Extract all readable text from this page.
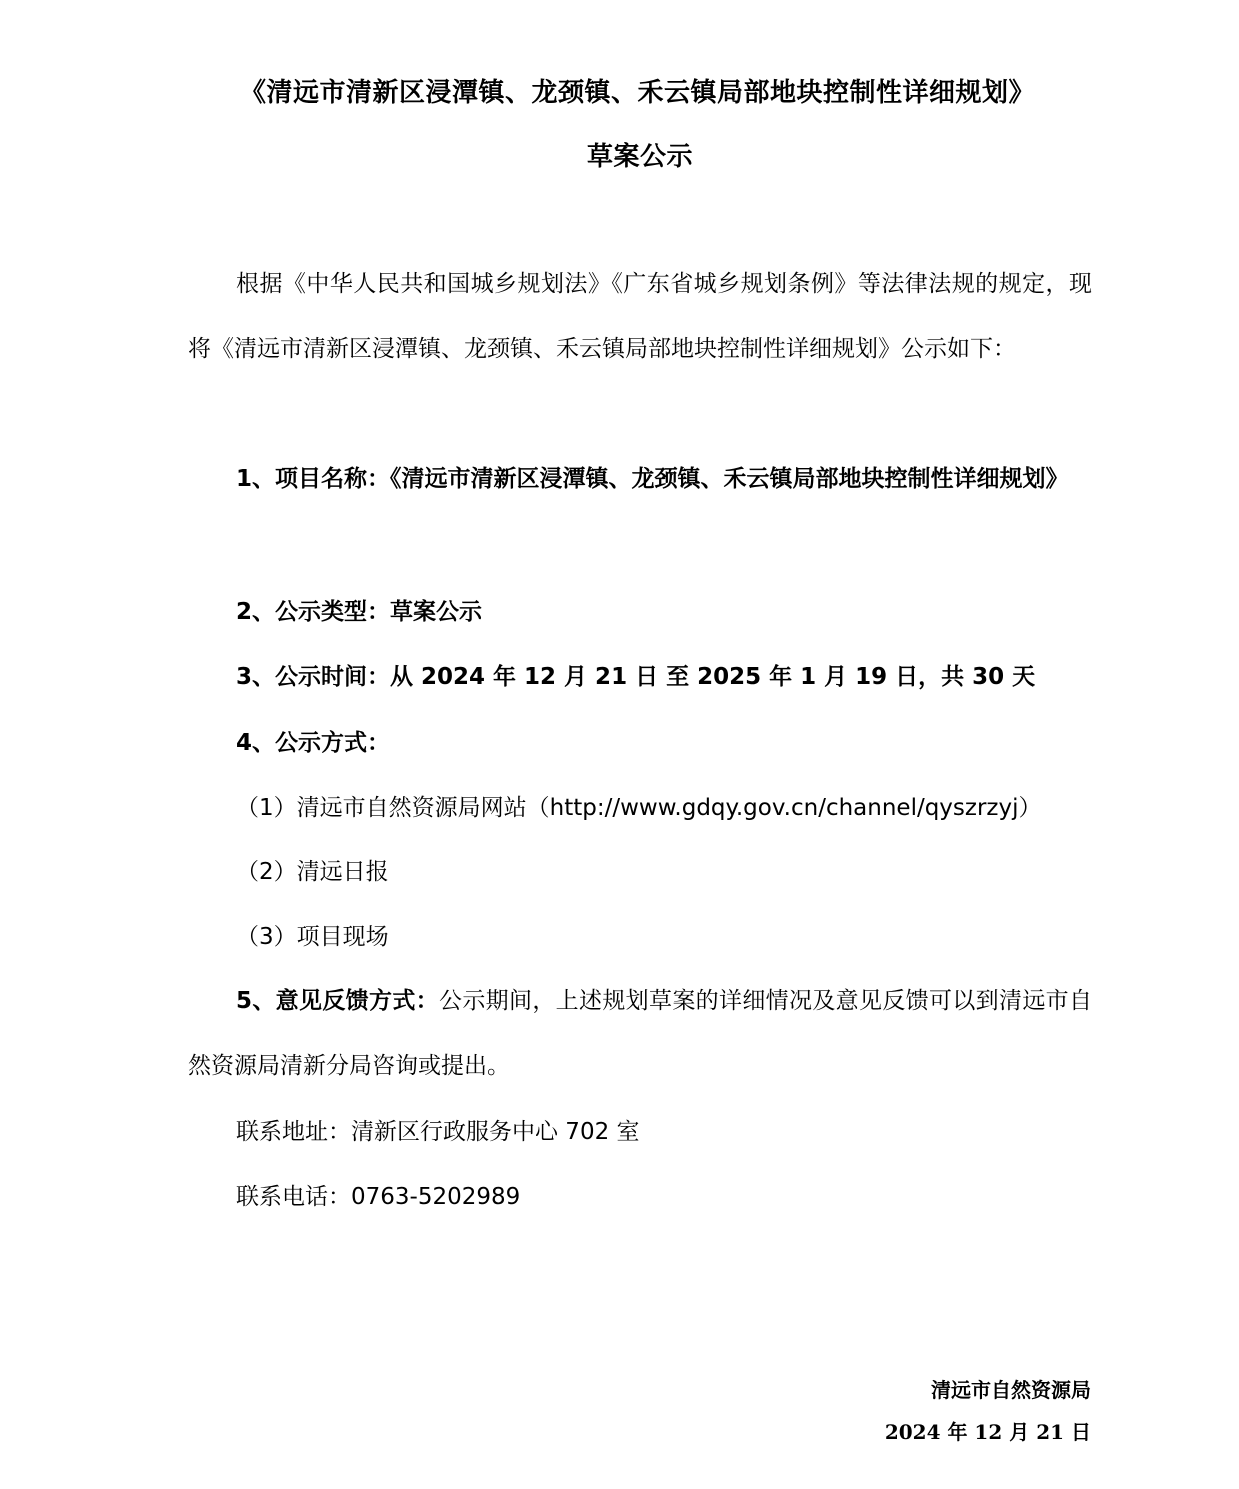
《清远市清新区浸潭镇、龙颈镇、禾云镇局部地块控制性详细规划》
草案公示
根据《中华人民共和国城乡规划法》《广东省城乡规划条例》等法律法规的规定，现将《清远市清新区浸潭镇、龙颈镇、禾云镇局部地块控制性详细规划》公示如下：
1、项目名称：《清远市清新区浸潭镇、龙颈镇、禾云镇局部地块控制性详细规划》
2、公示类型：草案公示
3、公示时间：从 2024 年 12 月 21 日 至 2025 年 1 月 19 日，共 30 天
4、公示方式：
（1）清远市自然资源局网站（http://www.gdqy.gov.cn/channel/qyszrzyj）
（2）清远日报
（3）项目现场
5、意见反馈方式：公示期间，上述规划草案的详细情况及意见反馈可以到清远市自然资源局清新分局咨询或提出。
联系地址：清新区行政服务中心 702 室
联系电话：0763-5202989
清远市自然资源局
2024 年 12 月 21 日
